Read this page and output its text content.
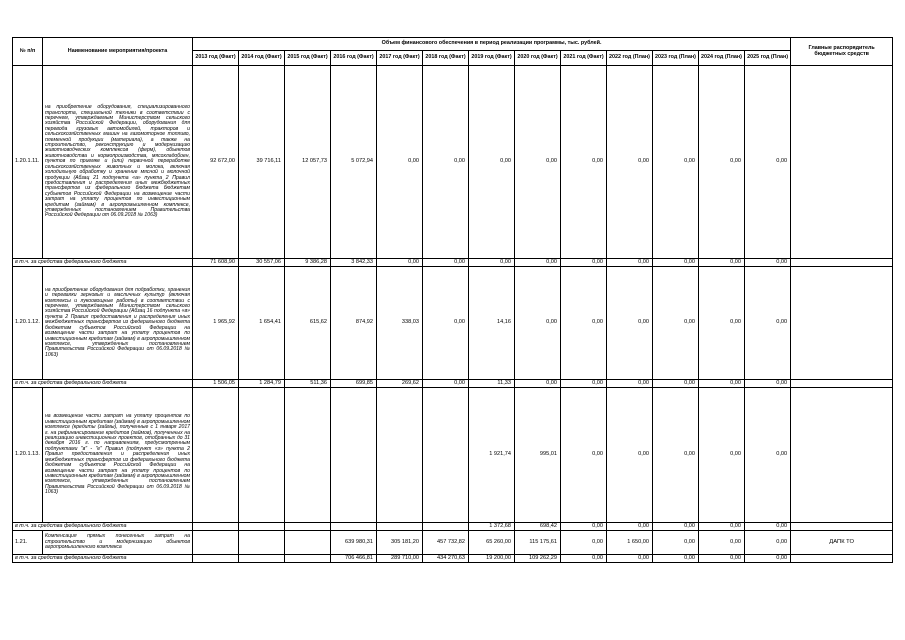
№ п/п	Наименование мероприятия/проекта	Объем финансового обеспечения в период реализации программы, тыс. рублей.													Главные распорядитель бюджетных средств
		2013 год (Факт)	2014 год (Факт)	2015 год (Факт)	2016 год (Факт)	2017 год (Факт)	2018 год (Факт)	2019 год (Факт)	2020 год (Факт)	2021 год (Факт)	2022 год (План)	2023 год (План)	2024 год (План)	2025 год (План)	
1.20.1.11.	на приобретение оборудования, специализированного транспорта, специальной техники в соответствии с перечнем, утверждаемым Министерством сельского хозяйства Российской Федерации, оборудования для перевода грузовых автомобилей, тракторов и сельскохозяйственных машин на газомоторное топливо, племенной продукции (материала), а также на строительство, реконструкцию и модернизацию животноводческих комплексов (ферм), объектов животноводства и кормопроизводства, мясохладобоен, пунктов по приемке и (или) первичной переработке сельскохозяйственных животных и молока, включая холодильную обработку и хранение мясной и молочной продукции (Абзац 21 подпункта «а» пункта 2 Правил предоставления и распределения иных межбюджетных трансфертов из федерального бюджета бюджетам субъектов Российской Федерации на возмещение части затрат на уплату процентов по инвестиционным кредитам (займам) в агропромышленном комплексе, утвержденных постановлением Правительства Российской Федерации от 06.09.2018 № 1063)	92 672,00	39 716,11	12 057,73	5 072,94	0,00	0,00	0,00	0,00	0,00	0,00	0,00	0,00	0,00	
в т.ч. за средства федерального бюджета		71 608,90	30 557,06	9 386,28	3 842,33	0,00	0,00	0,00	0,00	0,00	0,00	0,00	0,00	0,00	
1.20.1.12.	на приобретение оборудования для подработки, хранения и перевалки зерновых и масличных культур (включая комплексы и лукоовощные работы) в соответствии с перечнем, утверждаемым Министерством сельского хозяйства Российской Федерации (Абзац 16 подпункта «в» пункта 2 Правил предоставления и распределения иных межбюджетных трансфертов из федерального бюджета бюджетам субъектов Российской Федерации на возмещение части затрат на уплату процентов по инвестиционным кредитам (займам) в агропромышленном комплексе, утвержденных постановлением Правительства Российской Федерации от 06.09.2018 № 1063)	1 965,92	1 654,41	615,62	874,92	338,03	0,00	14,16	0,00	0,00	0,00	0,00	0,00	0,00	
в т.ч. за средства федерального бюджета		1 506,05	1 284,79	511,36	699,85	269,62	0,00	11,33	0,00	0,00	0,00	0,00	0,00	0,00	
1.20.1.13.	на возмещение части затрат на уплату процентов по инвестиционным кредитам (займам) в агропромышленном комплексе (кредиты (займы), полученные с 1 января 2017 г. на рефинансирование кредитов (займов), полученных на реализацию инвестиционных проектов, отобранных до 31 декабря 2016 г. по направлениям, предусмотренным подпунктами "в" - "е" Правил (подпункт «з» пункта 2 Правил предоставления и распределения иных межбюджетных трансфертов из федерального бюджета бюджетам субъектов Российской Федерации на возмещение части затрат на уплату процентов по инвестиционным кредитам (займам) в агропромышленном комплексе, утвержденных постановлением Правительства Российской Федерации от 06.09.2018 № 1063)							1 921,74	995,01	0,00	0,00	0,00	0,00	0,00	
в т.ч. за средства федерального бюджета								1 372,68	698,42	0,00	0,00	0,00	0,00	0,00	
1.21.	Компенсация прямых понесенных затрат на строительство и модернизацию объектов агропромышленного комплекса				639 980,31	305 181,20	457 732,82	65 260,00	115 175,61	0,00	1 650,00	0,00	0,00	0,00	ДАПК ТО
в т.ч. за средства федерального бюджета					706 466,81	289 710,00	434 270,63	19 200,00	109 262,29	0,00	0,00	0,00	0,00	0,00	
